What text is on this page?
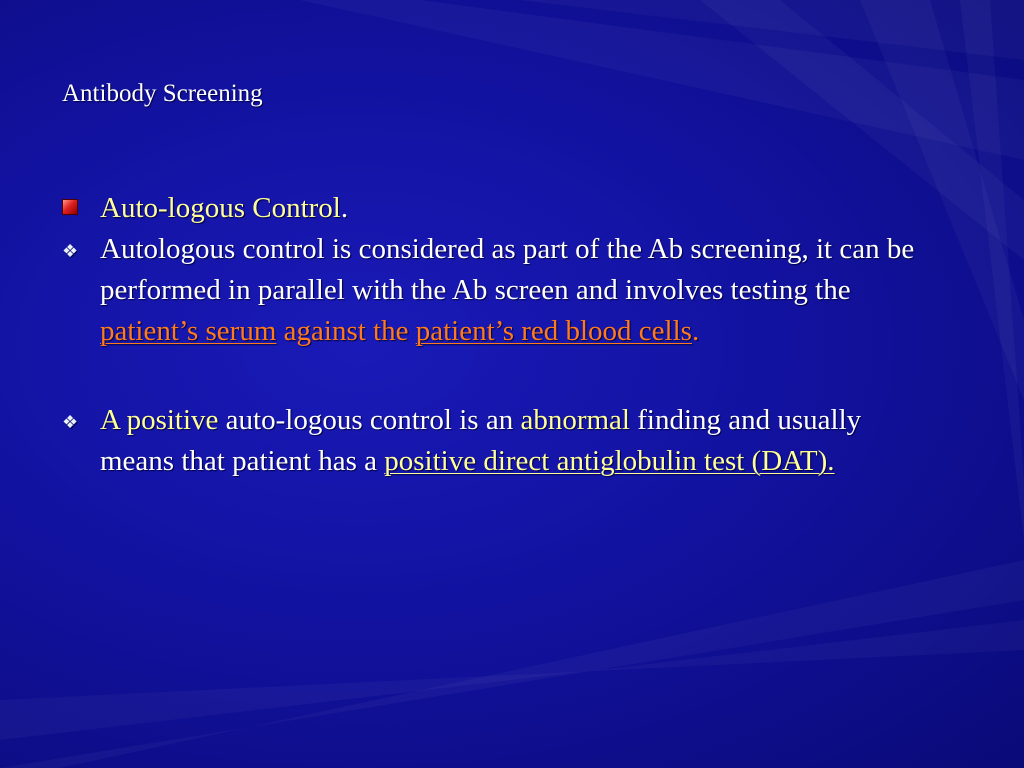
Antibody Screening
Auto-logous Control.
❖ Autologous control is considered as part of the Ab screening, it can be performed in parallel with the Ab screen and involves testing the patient’s serum against the patient’s red blood cells.
❖ A positive auto-logous control is an abnormal finding and usually means that patient has a positive direct antiglobulin test (DAT).
